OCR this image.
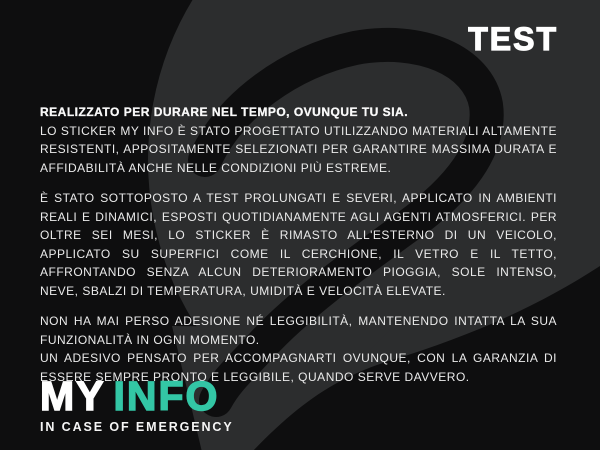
TEST

REALIZZATO PER DURARE NEL TEMPO, OVUNQUE TU SIA.

LO STICKER MY INFO È STATO PROGETTATO UTILIZZANDO MATERIALI ALTAMENTE RESISTENTI, APPOSITAMENTE SELEZIONATI PER GARANTIRE MASSIMA DURATA E AFFIDABILITÀ ANCHE NELLE CONDIZIONI PIÙ ESTREME.

È STATO SOTTOPOSTO A TEST PROLUNGATI E SEVERI, APPLICATO IN AMBIENTI REALI E DINAMICI, ESPOSTI QUOTIDIANAMENTE AGLI AGENTI ATMOSFERICI. PER OLTRE SEI MESI, LO STICKER È RIMASTO ALL'ESTERNO DI UN VEICOLO, APPLICATO SU SUPERFICI COME IL CERCHIONE, IL VETRO E IL TETTO, AFFRONTANDO SENZA ALCUN DETERIORAMENTO PIOGGIA, SOLE INTENSO, NEVE, SBALZI DI TEMPERATURA, UMIDITÀ E VELOCITÀ ELEVATE.

NON HA MAI PERSO ADESIONE NÉ LEGGIBILITÀ, MANTENENDO INTATTA LA SUA FUNZIONALITÀ IN OGNI MOMENTO.

UN ADESIVO PENSATO PER ACCOMPAGNARTI OVUNQUE, CON LA GARANZIA DI ESSERE SEMPRE PRONTO E LEGGIBILE, QUANDO SERVE DAVVERO.

MY INFO
IN CASE OF EMERGENCY
